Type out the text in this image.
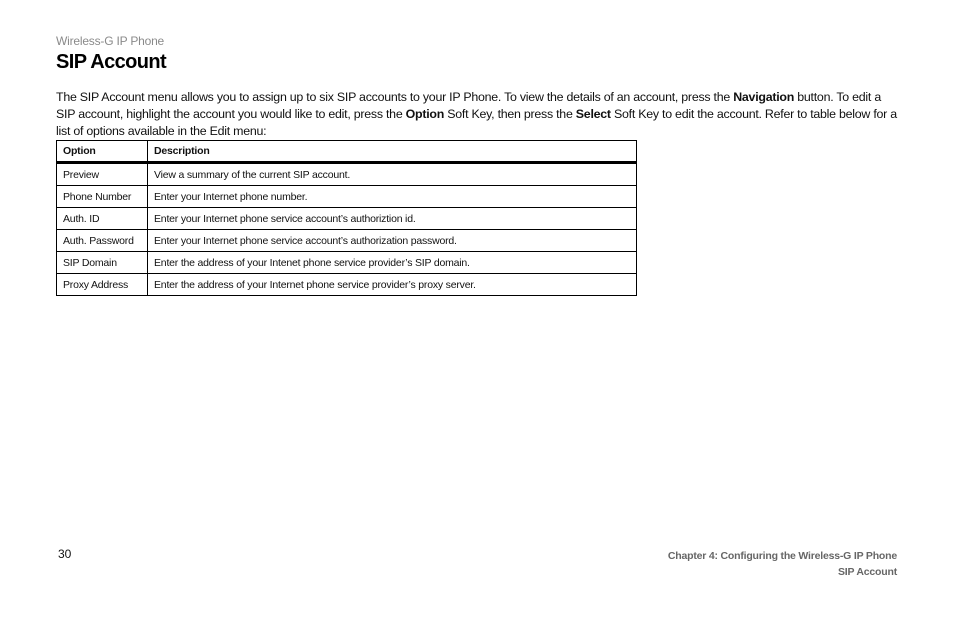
Wireless-G IP Phone
SIP Account

The SIP Account menu allows you to assign up to six SIP accounts to your IP Phone. To view the details of an account, press the Navigation button. To edit a SIP account, highlight the account you would like to edit, press the Option Soft Key, then press the Select Soft Key to edit the account. Refer to table below for a list of options available in the Edit menu:

Option	Description
Preview	View a summary of the current SIP account.
Phone Number	Enter your Internet phone number.
Auth. ID	Enter your Internet phone service account’s authoriztion id.
Auth. Password	Enter your Internet phone service account’s authorization password.
SIP Domain	Enter the address of your Intenet phone service provider’s SIP domain.
Proxy Address	Enter the address of your Internet phone service provider’s proxy server.
30	Chapter 4: Configuring the Wireless-G IP Phone
SIP Account
